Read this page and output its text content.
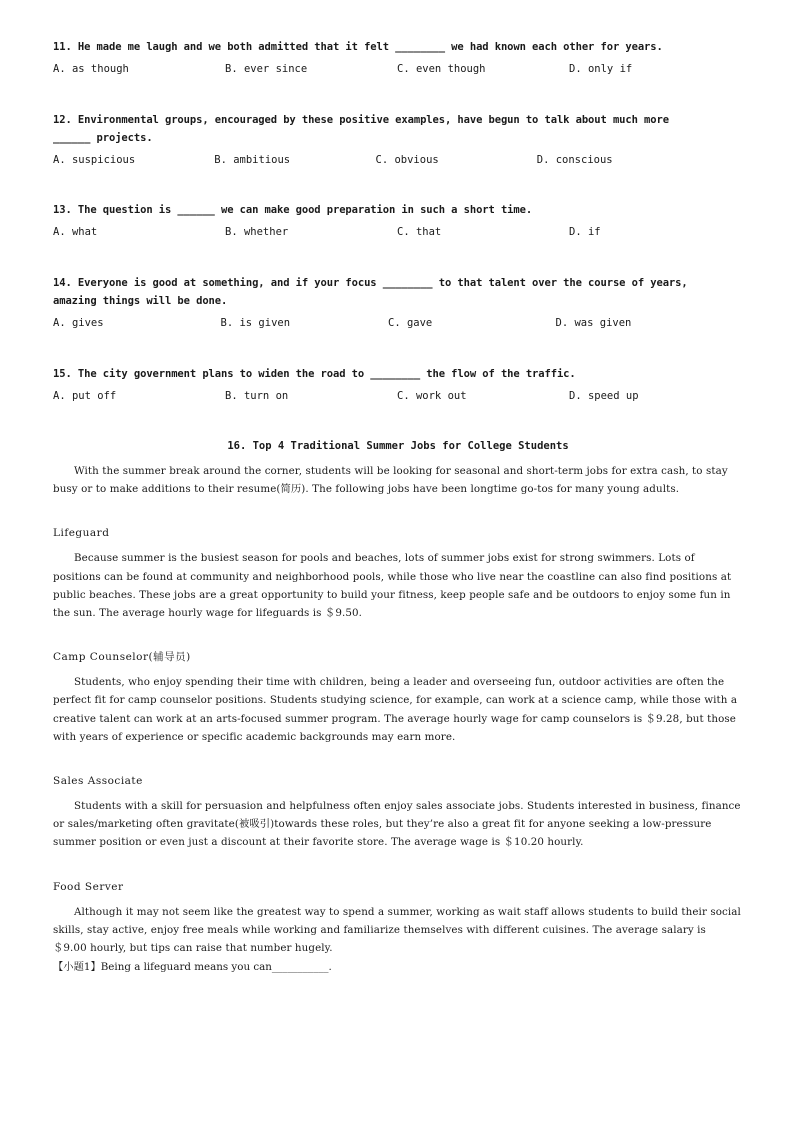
11. He made me laugh and we both admitted that it felt ________ we had known each other for years.

A. as though	B. ever since	C. even though	D. only if

12. Environmental groups, encouraged by these positive examples, have begun to talk about much more ______ projects.

A. suspicious	B. ambitious	C. obvious	D. conscious

13. The question is ______ we can make good preparation in such a short time.

A. what	B. whether	C. that	D. if

14. Everyone is good at something, and if your focus ________ to that talent over the course of years, amazing things will be done.

A. gives	B. is given	C. gave	D. was given

15. The city government plans to widen the road to ________ the flow of the traffic.

A. put off	B. turn on	C. work out	D. speed up

16. Top 4 Traditional Summer Jobs for College Students

With the summer break around the corner, students will be looking for seasonal and short-term jobs for extra cash, to stay busy or to make additions to their resume(简历). The following jobs have been longtime go-tos for many young adults.

Lifeguard

Because summer is the busiest season for pools and beaches, lots of summer jobs exist for strong swimmers. Lots of positions can be found at community and neighborhood pools, while those who live near the coastline can also find positions at public beaches. These jobs are a great opportunity to build your fitness, keep people safe and be outdoors to enjoy some fun in the sun. The average hourly wage for lifeguards is ＄9.50.

Camp Counselor(辅导员)

Students, who enjoy spending their time with children, being a leader and overseeing fun, outdoor activities are often the perfect fit for camp counselor positions. Students studying science, for example, can work at a science camp, while those with a creative talent can work at an arts-focused summer program. The average hourly wage for camp counselors is ＄9.28, but those with years of experience or specific academic backgrounds may earn more.

Sales Associate

Students with a skill for persuasion and helpfulness often enjoy sales associate jobs. Students interested in business, finance or sales/marketing often gravitate(被吸引)towards these roles, but they’re also a great fit for anyone seeking a low-pressure summer position or even just a discount at their favorite store. The average wage is ＄10.20 hourly.

Food Server

Although it may not seem like the greatest way to spend a summer, working as wait staff allows students to build their social skills, stay active, enjoy free meals while working and familiarize themselves with different cuisines. The average salary is ＄9.00 hourly, but tips can raise that number hugely.

【小题1】Being a lifeguard means you can___________.
